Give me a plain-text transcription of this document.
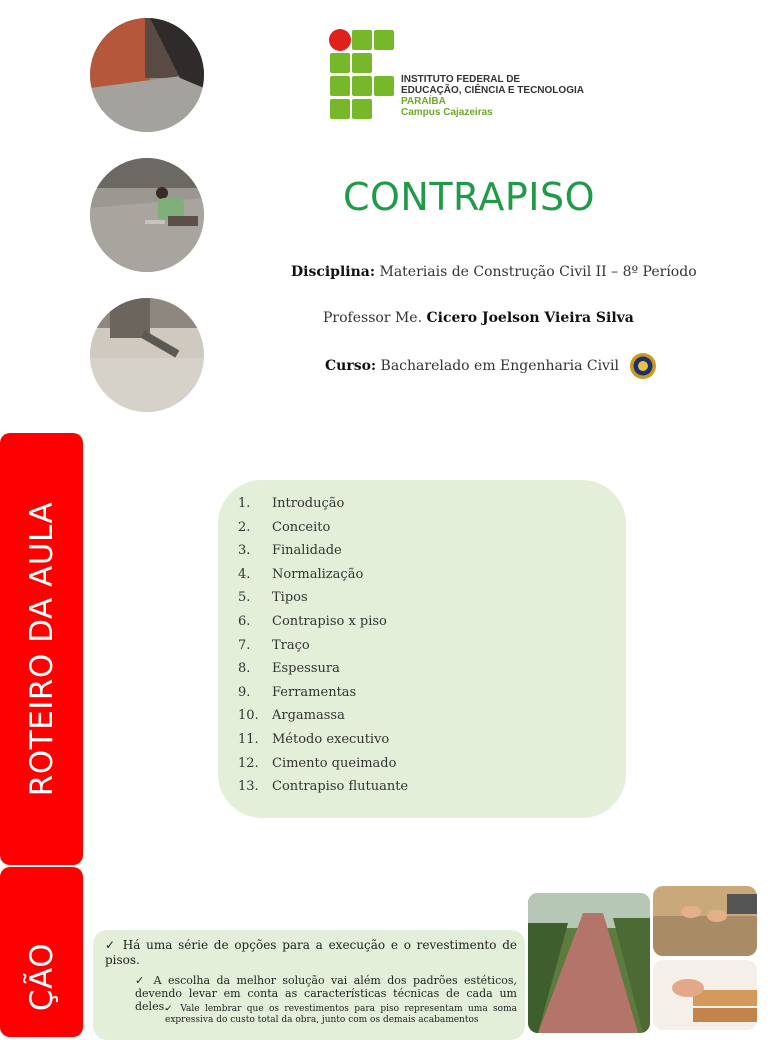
INSTITUTO FEDERAL DE
EDUCAÇÃO, CIÊNCIA E TECNOLOGIA
PARAÍBA
Campus Cajazeiras
CONTRAPISO
Disciplina: Materiais de Construção Civil II – 8º Período
Professor Me. Cicero Joelson Vieira Silva
Curso: Bacharelado em Engenharia Civil
ROTEIRO DA AULA
ÇÃO
1. Introdução
2. Conceito
3. Finalidade
4. Normalização
5. Tipos
6. Contrapiso x piso
7. Traço
8. Espessura
9. Ferramentas
10. Argamassa
11. Método executivo
12. Cimento queimado
13. Contrapiso flutuante
✓ Há uma série de opções para a execução e o revestimento de pisos.
✓ A escolha da melhor solução vai além dos padrões estéticos, devendo levar em conta as características técnicas de cada um deles.
✓ Vale lembrar que os revestimentos para piso representam uma soma expressiva do custo total da obra, junto com os demais acabamentos
